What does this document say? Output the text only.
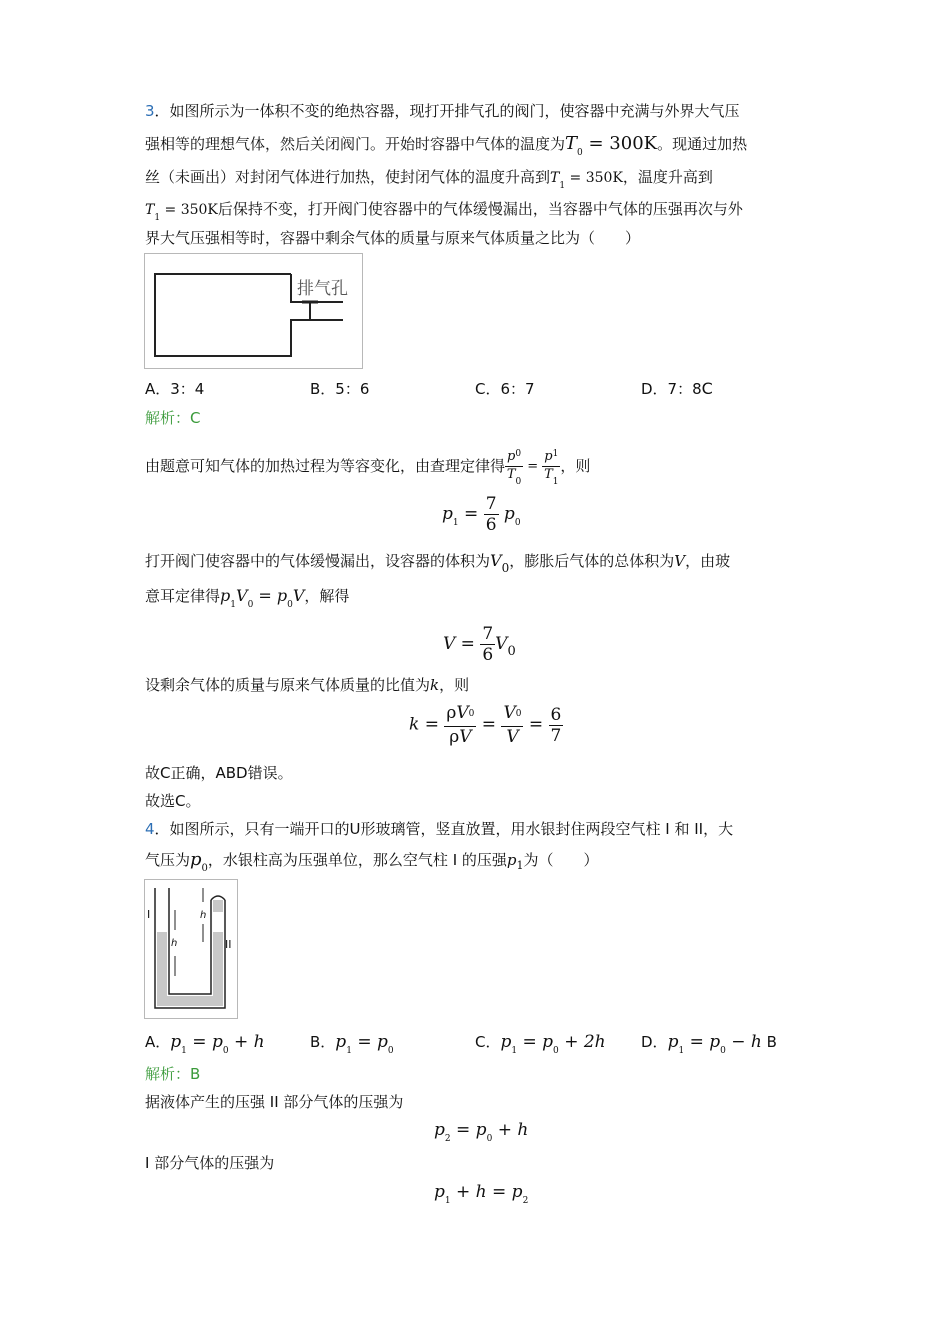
3．如图所示为一体积不变的绝热容器，现打开排气孔的阀门，使容器中充满与外界大气压
强相等的理想气体，然后关闭阀门。开始时容器中气体的温度为$T_0 = 300K$。现通过加热
丝（未画出）对封闭气体进行加热，使封闭气体的温度升高到$T_1 = 350K$，温度升高到
$T_1 = 350K$后保持不变，打开阀门使容器中的气体缓慢漏出，当容器中气体的压强再次与外
界大气压强相等时，容器中剩余气体的质量与原来气体质量之比为（　　）
排气孔
A．3：4	B．5：6	C．6：7	D．7：8C
解析：C
由题意可知气体的加热过程为等容变化，由查理定律得 $\frac{p^0}{T_0} = \frac{p^1}{T_1}$ ，则
$p_1 = \frac{7}{6} p_0$
打开阀门使容器中的气体缓慢漏出，设容器的体积为$V_0$，膨胀后气体的总体积为V，由玻
意耳定律得$p_1V_0 = p_0V$，解得
$V = \frac{7}{6} V_0$
设剩余气体的质量与原来气体质量的比值为k，则
$k = \frac{\rho V0}{\rho V} = \frac{V0}{V} = \frac{6}{7}$
故C正确，ABD错误。
故选C。
4．如图所示，只有一端开口的U形玻璃管，竖直放置，用水银封住两段空气柱 I 和 II，大
气压为$p_0$，水银柱高为压强单位，那么空气柱 I 的压强$p_1$为（　　）
I
II
h
h
A．$p_1 = p_0 + h$	B．$p_1 = p_0$	C．$p_1 = p_0 + 2h$ D．$p_1 = p_0 - h$ B
解析：B
据液体产生的压强 II 部分气体的压强为
$p_2 = p_0 + h$
I 部分气体的压强为
$p_1 + h = p_2$
